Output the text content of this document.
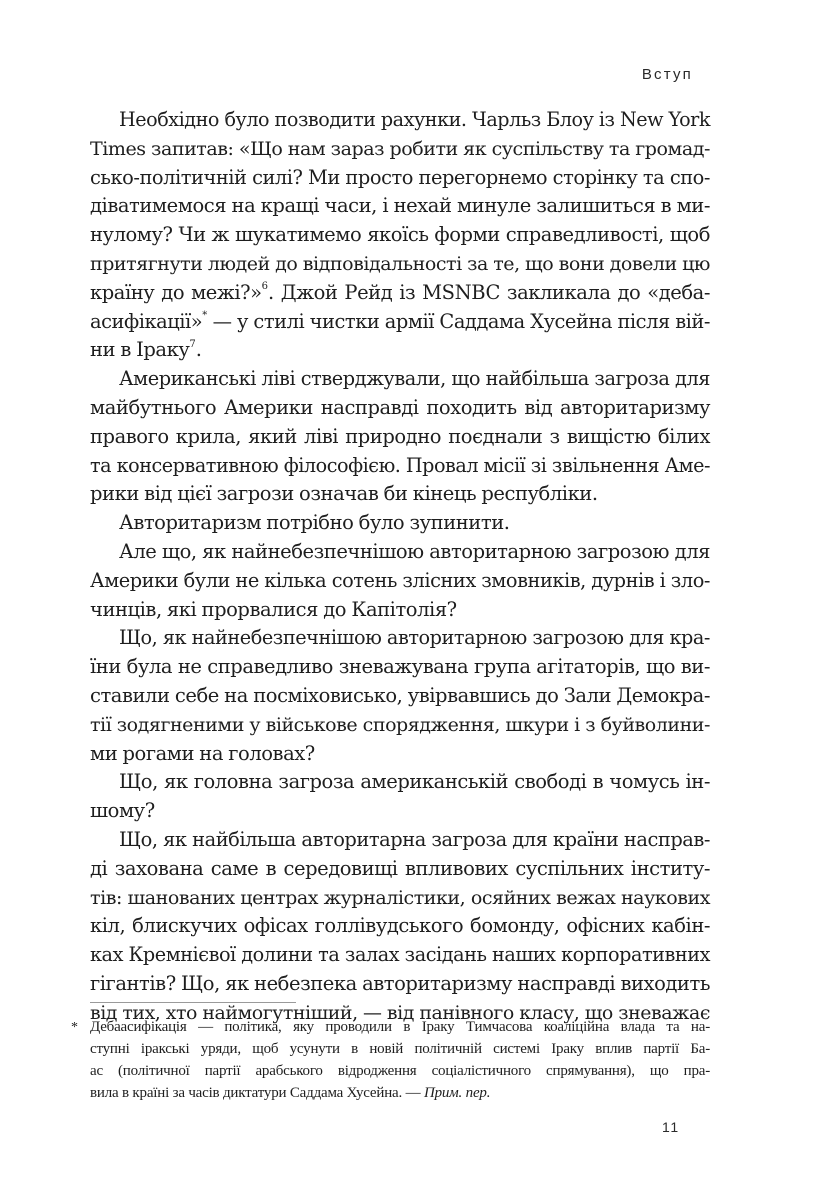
Вступ
Необхідно було позводити рахунки. Чарльз Блоу із New York
Times запитав: «Що нам зараз робити як суспільству та громад-
сько-політичній силі? Ми просто перегорнемо сторінку та спо-
діватимемося на кращі часи, і нехай минуле залишиться в ми-
нулому? Чи ж шукатимемо якоїсь форми справедливості, щоб
притягнути людей до відповідальності за те, що вони довели цю
країну до межі?»$^6$. Джой Рейд із MSNBC закликала до «деба-
асифікації»* — у стилі чистки армії Саддама Хусейна після вій-
ни в Іраку$^7$.
Американські ліві стверджували, що найбільша загроза для
майбутнього Америки насправді походить від авторитаризму
правого крила, який ліві природно поєднали з вищістю білих
та консервативною філософією. Провал місії зі звільнення Аме-
рики від цієї загрози означав би кінець республіки.
Авторитаризм потрібно було зупинити.
Але що, як найнебезпечнішою авторитарною загрозою для
Америки були не кілька сотень злісних змовників, дурнів і зло-
чинців, які прорвалися до Капітолія?
Що, як найнебезпечнішою авторитарною загрозою для кра-
їни була не справедливо зневажувана група агітаторів, що ви-
ставили себе на посміховисько, увірвавшись до Зали Демокра-
тії зодягненими у військове спорядження, шкури і з буйволини-
ми рогами на головах?
Що, як головна загроза американській свободі в чомусь ін-
шому?
Що, як найбільша авторитарна загроза для країни насправ-
ді захована саме в середовищі впливових суспільних інститу-
тів: шанованих центрах журналістики, осяйних вежах наукових
кіл, блискучих офісах голлівудського бомонду, офісних кабін-
ках Кремнієвої долини та залах засідань наших корпоративних
гігантів? Що, як небезпека авторитаризму насправді виходить
від тих, хто наймогутніший, — від панівного класу, що зневажає
* Дебаасифікація — політика, яку проводили в Іраку Тимчасова коаліційна влада та на-
ступні іракські уряди, щоб усунути в новій політичній системі Іраку вплив партії Ба-
ас (політичної партії арабського відродження соціалістичного спрямування), що пра-
вила в країні за часів диктатури Саддама Хусейна. — Прим. пер.
11
